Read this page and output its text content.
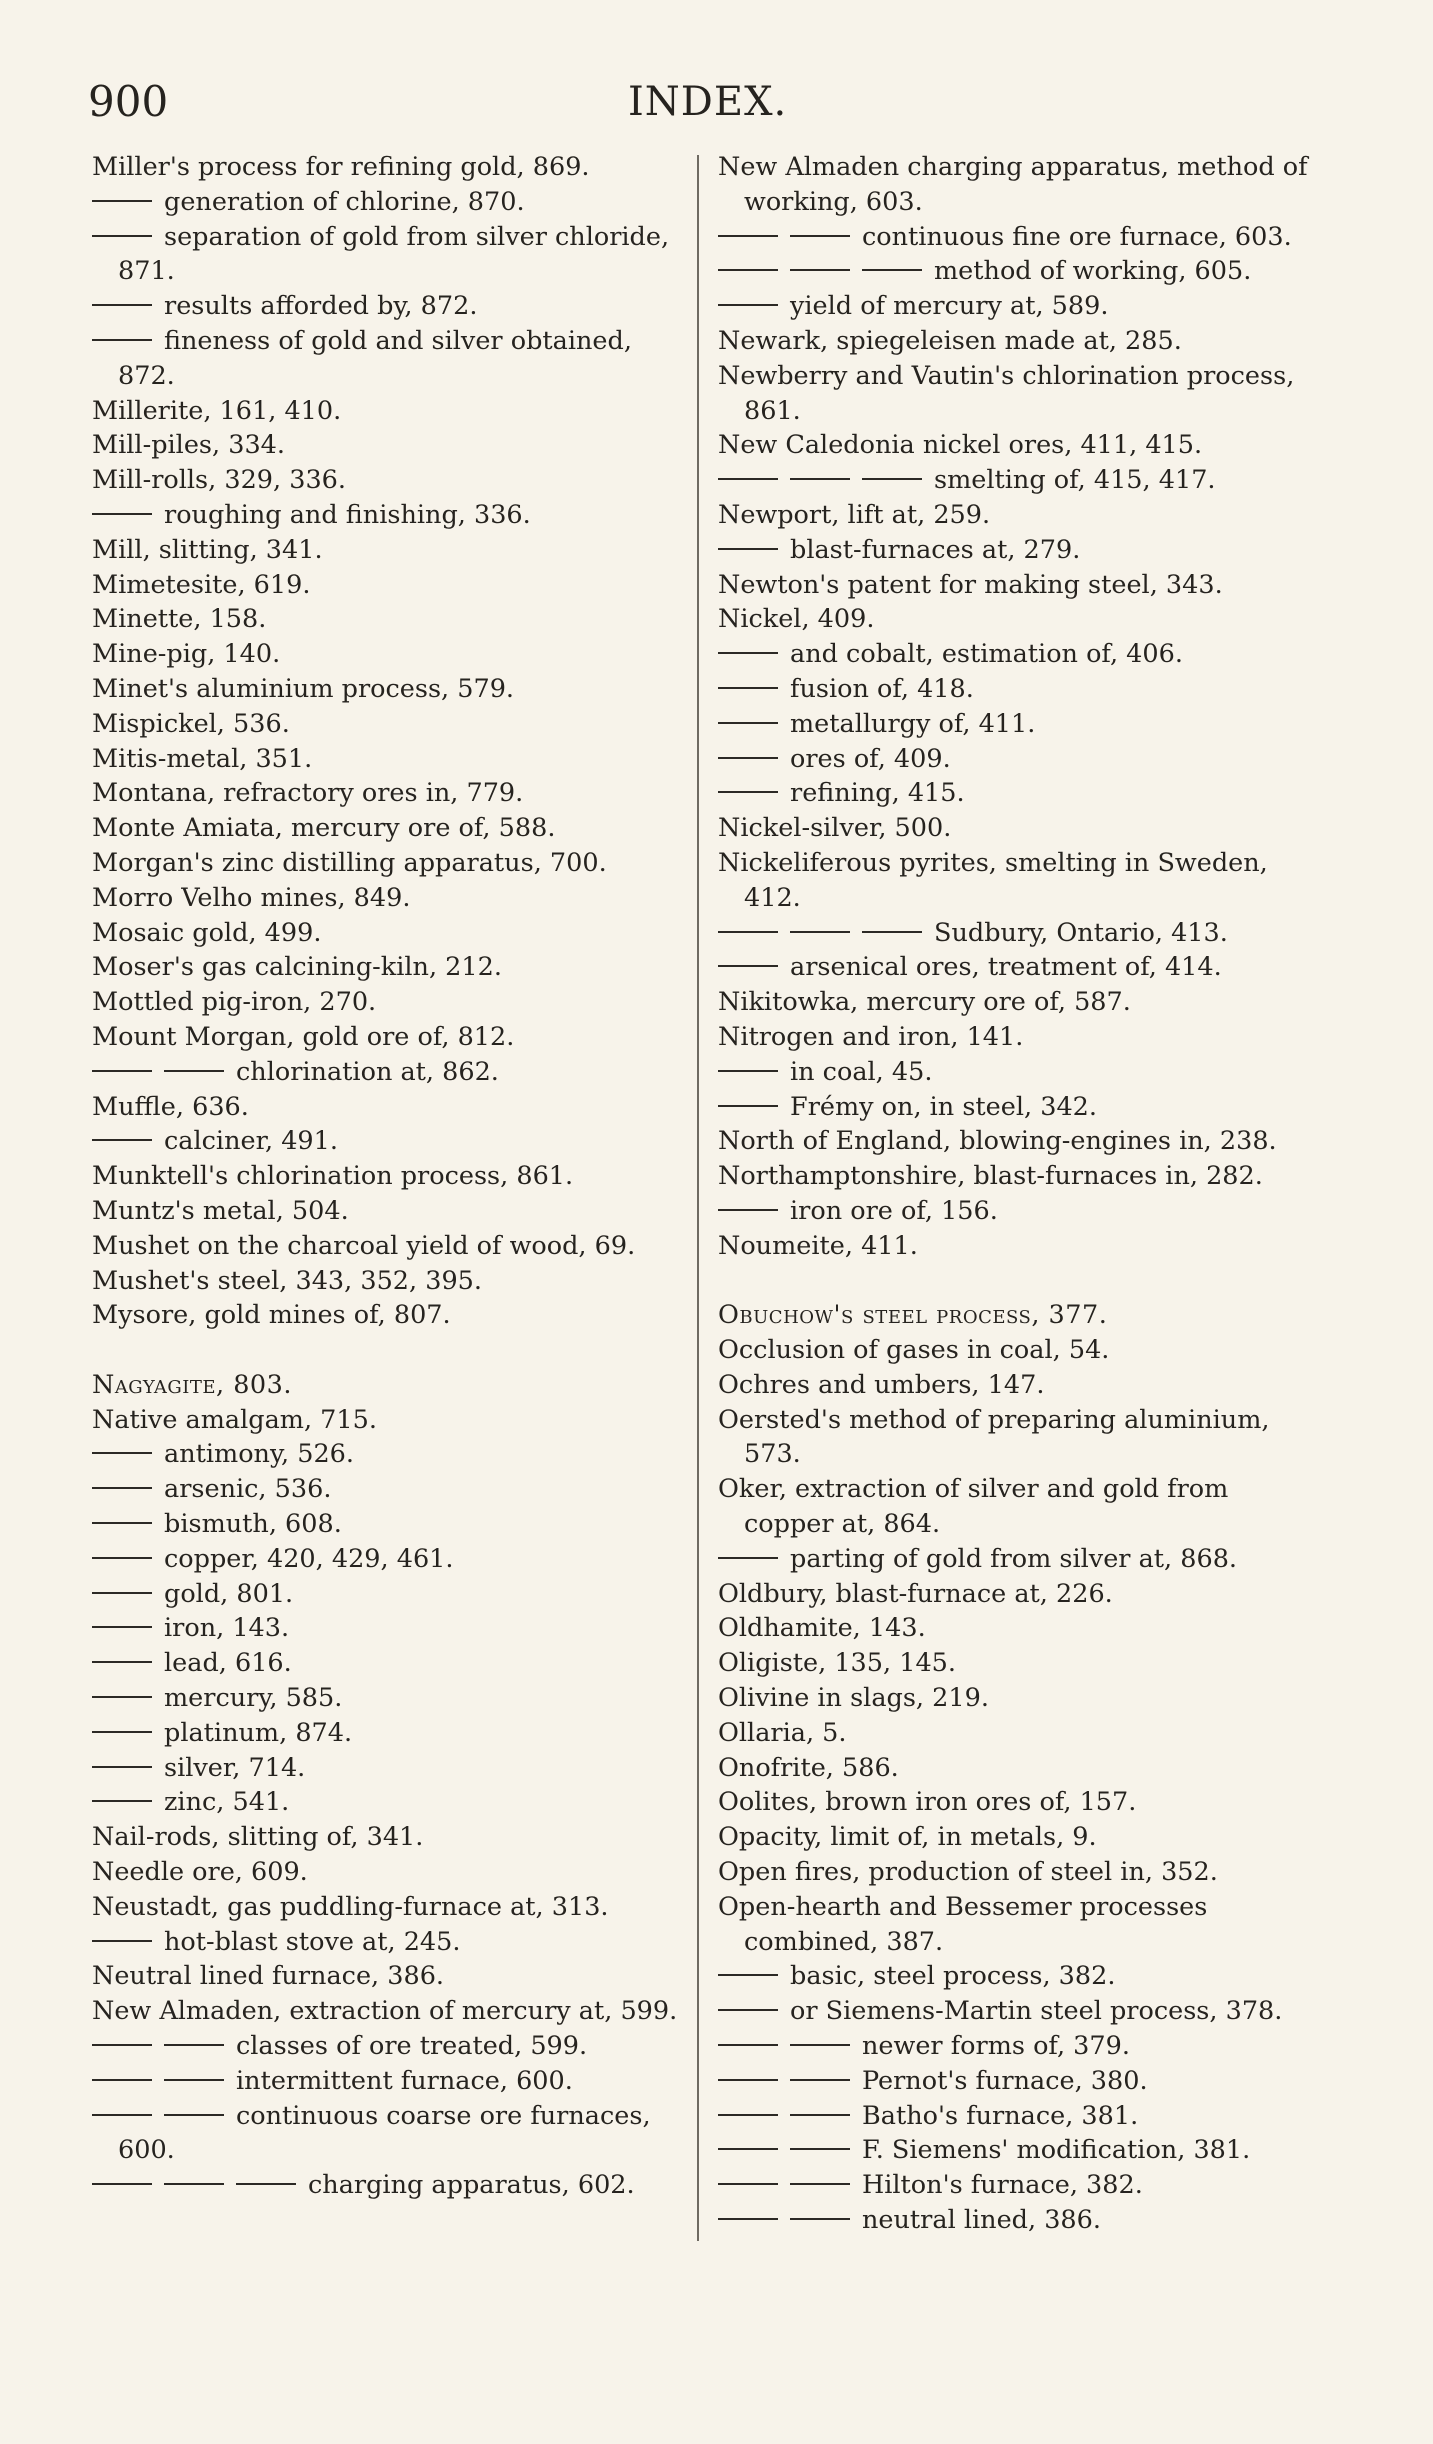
900	INDEX.

Miller's process for refining gold, 869.

generation of chlorine, 870.

separation of gold from silver chloride, 871.

results afforded by, 872.

fineness of gold and silver obtained, 872.

Millerite, 161, 410.

Mill-piles, 334.

Mill-rolls, 329, 336.

roughing and finishing, 336.

Mill, slitting, 341.

Mimetesite, 619.

Minette, 158.

Mine-pig, 140.

Minet's aluminium process, 579.

Mispickel, 536.

Mitis-metal, 351.

Montana, refractory ores in, 779.

Monte Amiata, mercury ore of, 588.

Morgan's zinc distilling apparatus, 700.

Morro Velho mines, 849.

Mosaic gold, 499.

Moser's gas calcining-kiln, 212.

Mottled pig-iron, 270.

Mount Morgan, gold ore of, 812.

chlorination at, 862.

Muffle, 636.

calciner, 491.

Munktell's chlorination process, 861.

Muntz's metal, 504.

Mushet on the charcoal yield of wood, 69.

Mushet's steel, 343, 352, 395.

Mysore, gold mines of, 807.

Nagyagite, 803.

Native amalgam, 715.

antimony, 526.

arsenic, 536.

bismuth, 608.

copper, 420, 429, 461.

gold, 801.

iron, 143.

lead, 616.

mercury, 585.

platinum, 874.

silver, 714.

zinc, 541.

Nail-rods, slitting of, 341.

Needle ore, 609.

Neustadt, gas puddling-furnace at, 313.

hot-blast stove at, 245.

Neutral lined furnace, 386.

New Almaden, extraction of mercury at, 599.

classes of ore treated, 599.

intermittent furnace, 600.

continuous coarse ore furnaces, 600.

charging apparatus, 602.

New Almaden charging apparatus, method of working, 603.

continuous fine ore furnace, 603.

method of working, 605.

yield of mercury at, 589.

Newark, spiegeleisen made at, 285.

Newberry and Vautin's chlorination process, 861.

New Caledonia nickel ores, 411, 415.

smelting of, 415, 417.

Newport, lift at, 259.

blast-furnaces at, 279.

Newton's patent for making steel, 343.

Nickel, 409.

and cobalt, estimation of, 406.

fusion of, 418.

metallurgy of, 411.

ores of, 409.

refining, 415.

Nickel-silver, 500.

Nickeliferous pyrites, smelting in Sweden, 412.

Sudbury, Ontario, 413.

arsenical ores, treatment of, 414.

Nikitowka, mercury ore of, 587.

Nitrogen and iron, 141.

in coal, 45.

Frémy on, in steel, 342.

North of England, blowing-engines in, 238.

Northamptonshire, blast-furnaces in, 282.

iron ore of, 156.

Noumeite, 411.

Obuchow's steel process, 377.

Occlusion of gases in coal, 54.

Ochres and umbers, 147.

Oersted's method of preparing aluminium, 573.

Oker, extraction of silver and gold from copper at, 864.

parting of gold from silver at, 868.

Oldbury, blast-furnace at, 226.

Oldhamite, 143.

Oligiste, 135, 145.

Olivine in slags, 219.

Ollaria, 5.

Onofrite, 586.

Oolites, brown iron ores of, 157.

Opacity, limit of, in metals, 9.

Open fires, production of steel in, 352.

Open-hearth and Bessemer processes combined, 387.

basic, steel process, 382.

or Siemens-Martin steel process, 378.

newer forms of, 379.

Pernot's furnace, 380.

Batho's furnace, 381.

F. Siemens' modification, 381.

Hilton's furnace, 382.

neutral lined, 386.
